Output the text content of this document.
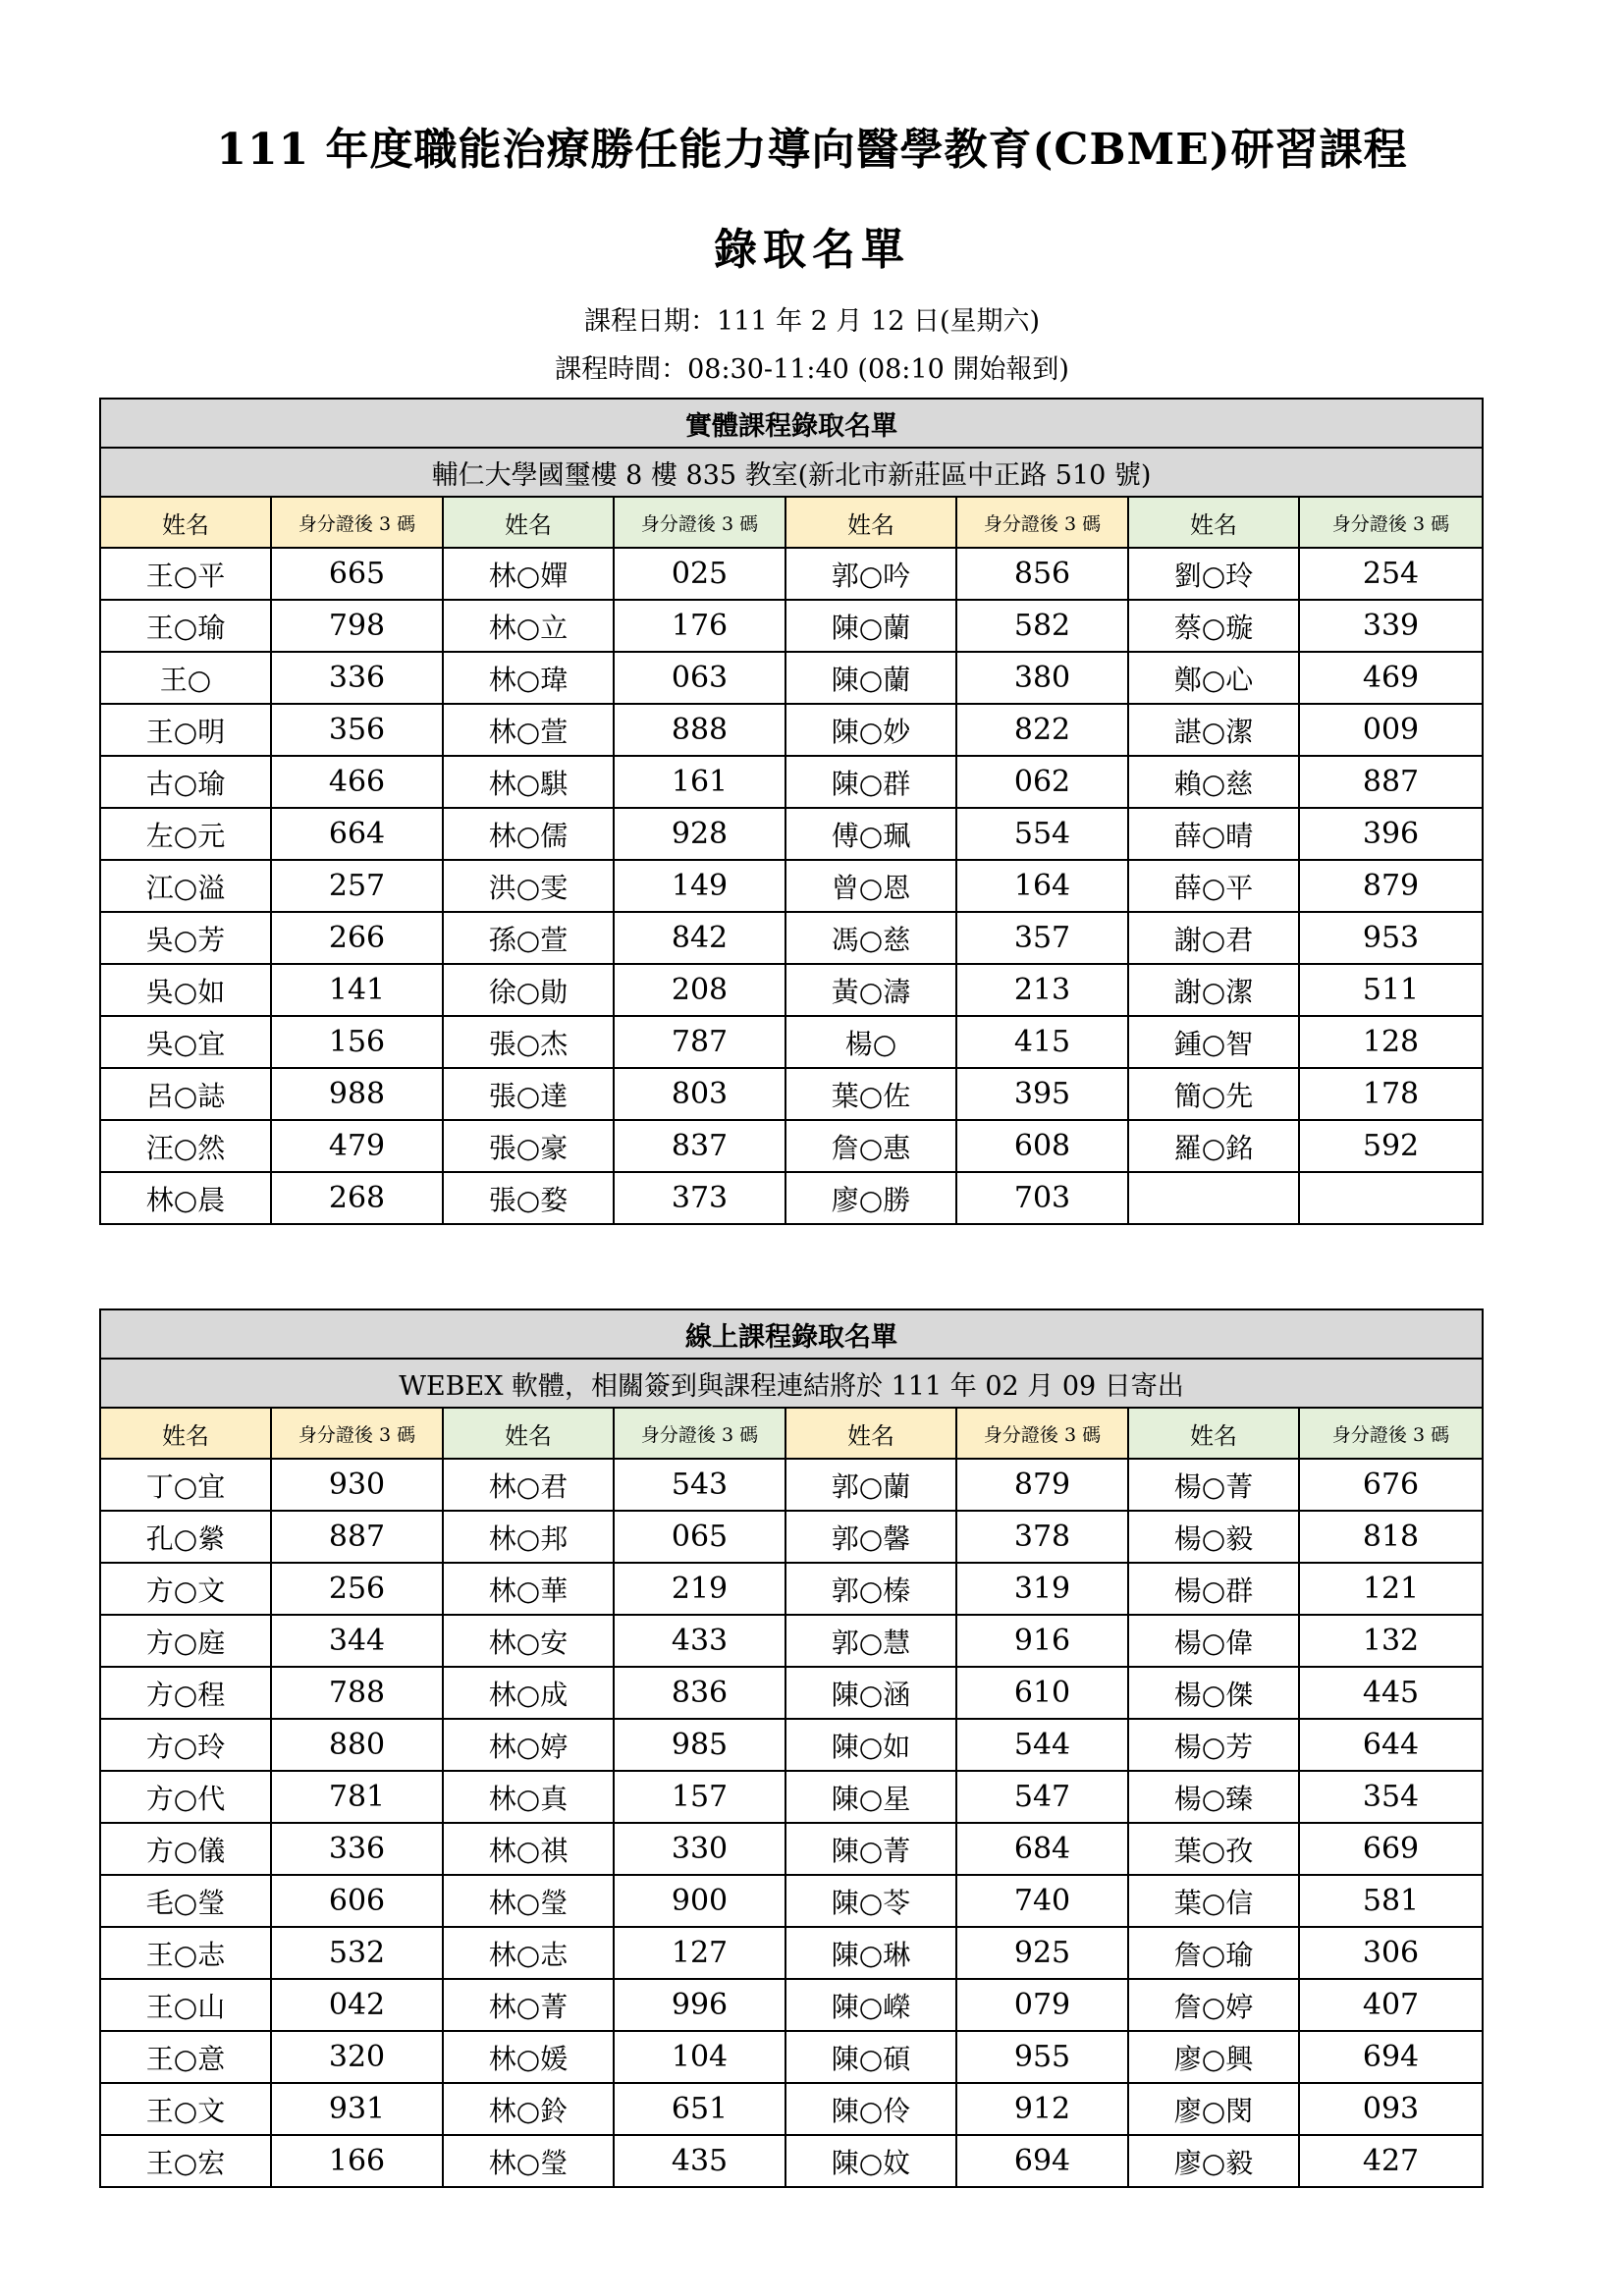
111 年度職能治療勝任能力導向醫學教育(CBME)研習課程
錄取名單
課程日期：111 年 2 月 12 日(星期六)
課程時間：08:30-11:40 (08:10 開始報到)
實體課程錄取名單							
輔仁大學國璽樓 8 樓 835 教室(新北市新莊區中正路 510 號)							
姓名	身分證後 3 碼	姓名	身分證後 3 碼	姓名	身分證後 3 碼	姓名	身分證後 3 碼
王○平	665	林○嬋	025	郭○吟	856	劉○玲	254
王○瑜	798	林○立	176	陳○蘭	582	蔡○璇	339
王○	336	林○瑋	063	陳○蘭	380	鄭○心	469
王○明	356	林○萱	888	陳○妙	822	諶○潔	009
古○瑜	466	林○騏	161	陳○群	062	賴○慈	887
左○元	664	林○儒	928	傅○珮	554	薛○晴	396
江○溢	257	洪○雯	149	曾○恩	164	薛○平	879
吳○芳	266	孫○萱	842	馮○慈	357	謝○君	953
吳○如	141	徐○勛	208	黃○濤	213	謝○潔	511
吳○宜	156	張○杰	787	楊○	415	鍾○智	128
呂○誌	988	張○達	803	葉○佐	395	簡○先	178
汪○然	479	張○豪	837	詹○惠	608	羅○銘	592
林○晨	268	張○婺	373	廖○勝	703		
線上課程錄取名單							
WEBEX 軟體，相關簽到與課程連結將於 111 年 02 月 09 日寄出							
姓名	身分證後 3 碼	姓名	身分證後 3 碼	姓名	身分證後 3 碼	姓名	身分證後 3 碼
丁○宜	930	林○君	543	郭○蘭	879	楊○菁	676
孔○縈	887	林○邦	065	郭○馨	378	楊○毅	818
方○文	256	林○華	219	郭○榛	319	楊○群	121
方○庭	344	林○安	433	郭○慧	916	楊○偉	132
方○程	788	林○成	836	陳○涵	610	楊○傑	445
方○玲	880	林○婷	985	陳○如	544	楊○芳	644
方○代	781	林○真	157	陳○星	547	楊○臻	354
方○儀	336	林○祺	330	陳○菁	684	葉○孜	669
毛○瑩	606	林○瑩	900	陳○苓	740	葉○信	581
王○志	532	林○志	127	陳○琳	925	詹○瑜	306
王○山	042	林○菁	996	陳○嶸	079	詹○婷	407
王○意	320	林○媛	104	陳○碩	955	廖○興	694
王○文	931	林○鈴	651	陳○伶	912	廖○閔	093
王○宏	166	林○瑩	435	陳○妏	694	廖○毅	427
